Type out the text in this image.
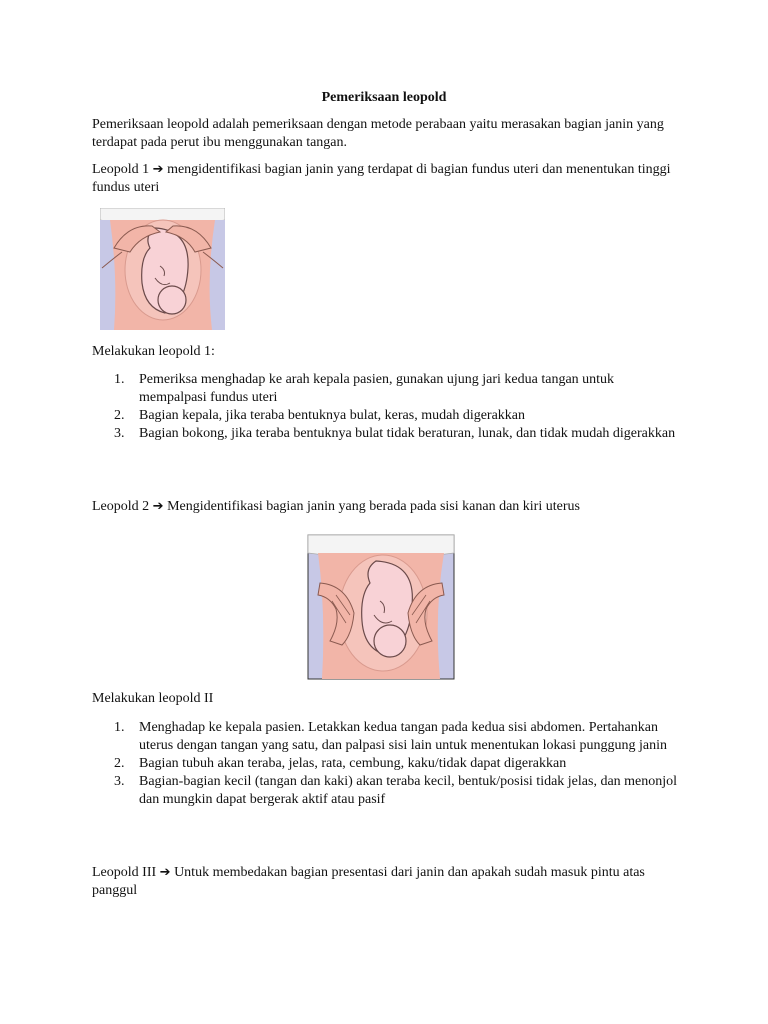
Pemeriksaan leopold

Pemeriksaan leopold adalah pemeriksaan dengan metode perabaan yaitu merasakan bagian janin yang terdapat pada perut ibu menggunakan tangan.

Leopold 1 ➔ mengidentifikasi bagian janin yang terdapat di bagian fundus uteri dan menentukan tinggi fundus uteri

Melakukan leopold 1:

1. Pemeriksa menghadap ke arah kepala pasien, gunakan ujung jari kedua tangan untuk mempalpasi fundus uteri
2. Bagian kepala, jika teraba bentuknya bulat, keras, mudah digerakkan
3. Bagian bokong, jika teraba bentuknya bulat tidak beraturan, lunak, dan tidak mudah digerakkan

Leopold 2 ➔ Mengidentifikasi bagian janin yang berada pada sisi kanan dan kiri uterus

Melakukan leopold II

1. Menghadap ke kepala pasien. Letakkan kedua tangan pada kedua sisi abdomen. Pertahankan uterus dengan tangan yang satu, dan palpasi sisi lain untuk menentukan lokasi punggung janin
2. Bagian tubuh akan teraba, jelas, rata, cembung, kaku/tidak dapat digerakkan
3. Bagian-bagian kecil (tangan dan kaki) akan teraba kecil, bentuk/posisi tidak jelas, dan menonjol dan mungkin dapat bergerak aktif atau pasif

Leopold III ➔ Untuk membedakan bagian presentasi dari janin dan apakah sudah masuk pintu atas panggul
